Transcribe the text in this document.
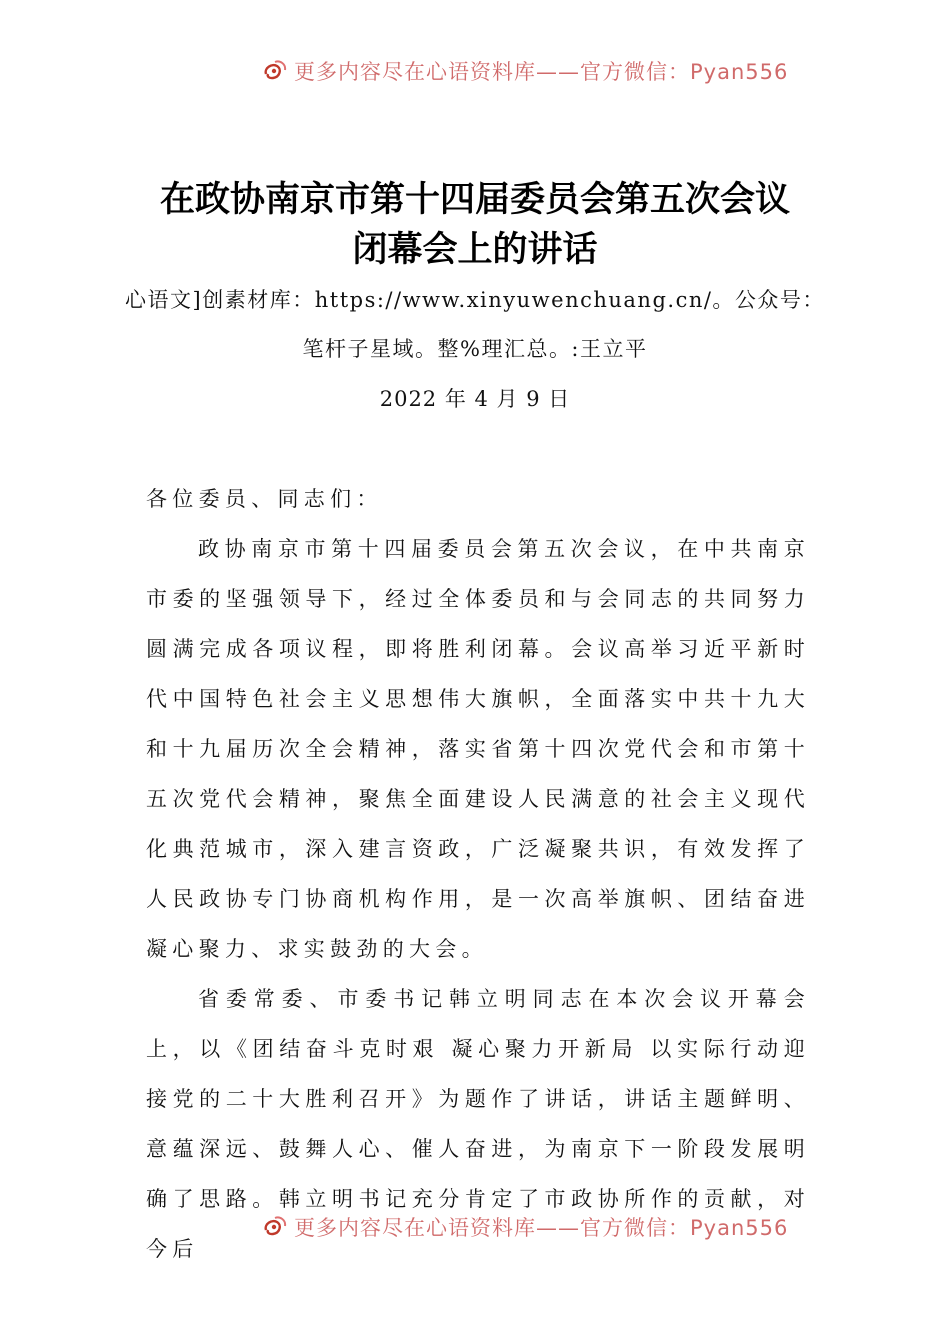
更多内容尽在心语资料库——官方微信：Pyan556
在政协南京市第十四届委员会第五次会议
闭幕会上的讲话
心语文]创素材库：https://www.xinyuwenchuang.cn/。公众号：
笔杆子星域。整%理汇总。:王立平
2022 年 4 月 9 日

各位委员、同志们：

政协南京市第十四届委员会第五次会议，在中共南京市委的坚强领导下，经过全体委员和与会同志的共同努力圆满完成各项议程，即将胜利闭幕。会议高举习近平新时代中国特色社会主义思想伟大旗帜，全面落实中共十九大和十九届历次全会精神，落实省第十四次党代会和市第十五次党代会精神，聚焦全面建设人民满意的社会主义现代化典范城市，深入建言资政，广泛凝聚共识，有效发挥了人民政协专门协商机构作用，是一次高举旗帜、团结奋进凝心聚力、求实鼓劲的大会。

省委常委、市委书记韩立明同志在本次会议开幕会上，以《团结奋斗克时艰 凝心聚力开新局 以实际行动迎接党的二十大胜利召开》为题作了讲话，讲话主题鲜明、意蕴深远、鼓舞人心、催人奋进，为南京下一阶段发展明确了思路。韩立明书记充分肯定了市政协所作的贡献，对今后

更多内容尽在心语资料库——官方微信：Pyan556
